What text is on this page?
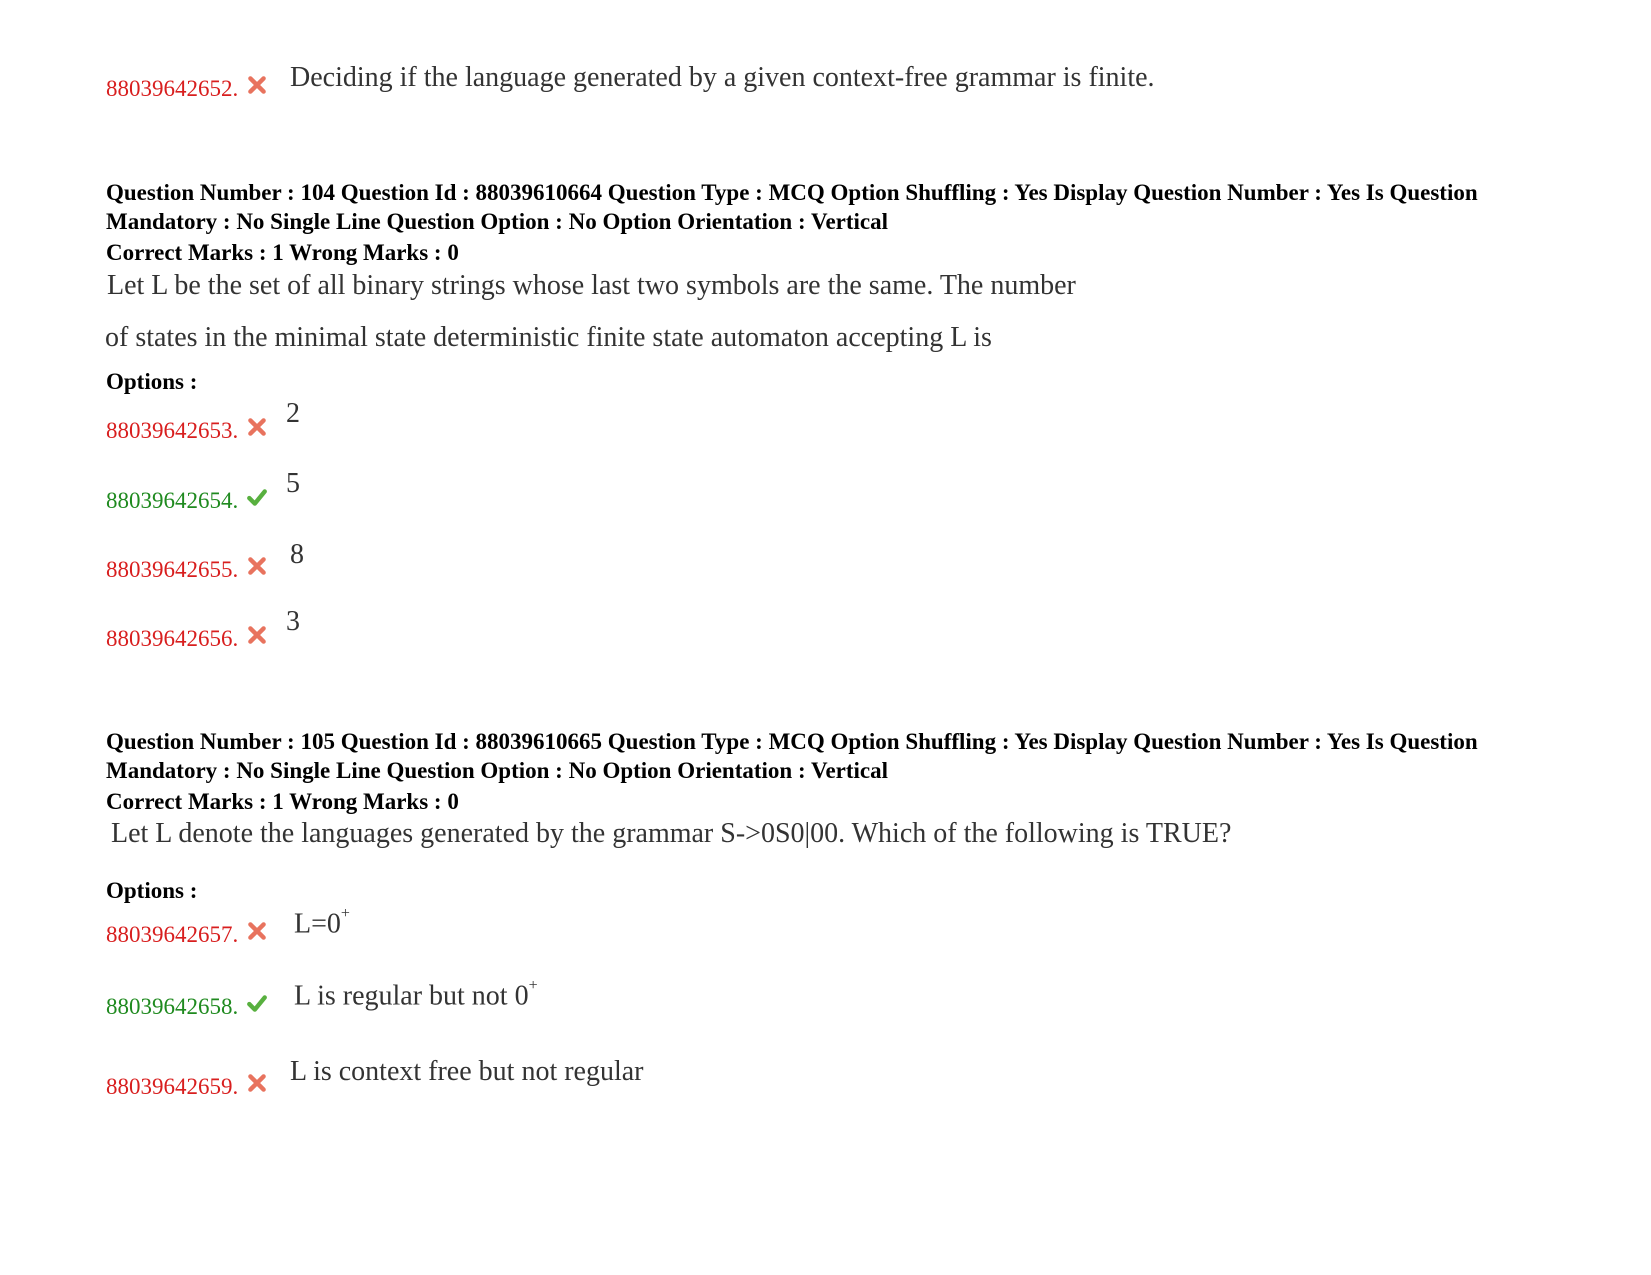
88039642652. Deciding if the language generated by a given context-free grammar is finite.
Question Number : 104 Question Id : 88039610664 Question Type : MCQ Option Shuffling : Yes Display Question Number : Yes Is Question Mandatory : No Single Line Question Option : No Option Orientation : Vertical
Correct Marks : 1 Wrong Marks : 0
Let L be the set of all binary strings whose last two symbols are the same. The number
of states in the minimal state deterministic finite state automaton accepting L is
Options :
88039642653.
2
88039642654.
5
88039642655. 8
88039642656.
3
Question Number : 105 Question Id : 88039610665 Question Type : MCQ Option Shuffling : Yes Display Question Number : Yes Is Question Mandatory : No Single Line Question Option : No Option Orientation : Vertical
Correct Marks : 1 Wrong Marks : 0
Let L denote the languages generated by the grammar S->0S0|00. Which of the following is TRUE?
Options :
88039642657. L=0+
88039642658. L is regular but not 0+
88039642659. L is context free but not regular
